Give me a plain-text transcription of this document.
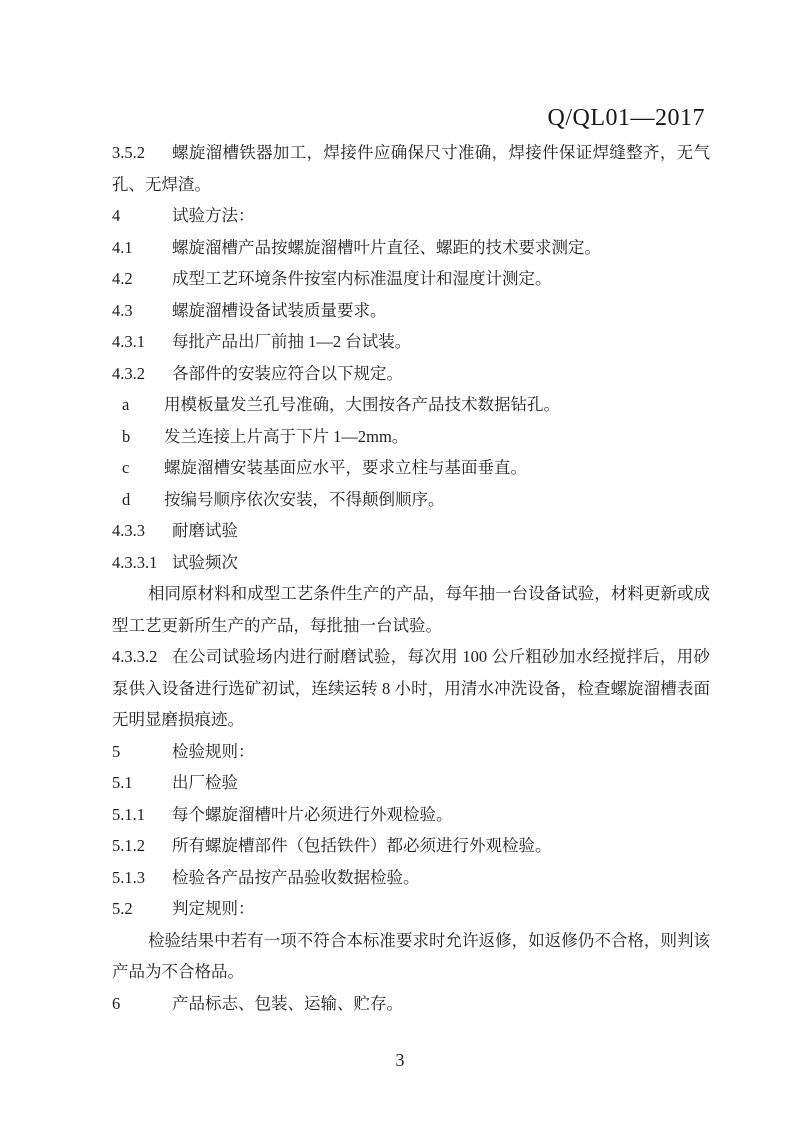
Q/QL01—2017
3.5.2	螺旋溜槽铁器加工，焊接件应确保尺寸准确，焊接件保证焊缝整齐，无气
孔、无焊渣。
4	试验方法：
4.1	螺旋溜槽产品按螺旋溜槽叶片直径、螺距的技术要求测定。
4.2	成型工艺环境条件按室内标准温度计和湿度计测定。
4.3	螺旋溜槽设备试装质量要求。
4.3.1	每批产品出厂前抽 1—2 台试装。
4.3.2	各部件的安装应符合以下规定。
a	用模板量发兰孔号准确，大围按各产品技术数据钻孔。
b	发兰连接上片高于下片 1—2mm。
c	螺旋溜槽安装基面应水平，要求立柱与基面垂直。
d	按编号顺序依次安装，不得颠倒顺序。
4.3.3	耐磨试验
4.3.3.1 试验频次
相同原材料和成型工艺条件生产的产品，每年抽一台设备试验，材料更新或成
型工艺更新所生产的产品，每批抽一台试验。
4.3.3.2 在公司试验场内进行耐磨试验，每次用 100 公斤粗砂加水经搅拌后，用砂
泵供入设备进行选矿初试，连续运转 8 小时，用清水冲洗设备，检查螺旋溜槽表面
无明显磨损痕迹。
5	检验规则：
5.1	出厂检验
5.1.1	每个螺旋溜槽叶片必须进行外观检验。
5.1.2	所有螺旋槽部件（包括铁件）都必须进行外观检验。
5.1.3	检验各产品按产品验收数据检验。
5.2	判定规则：
检验结果中若有一项不符合本标准要求时允许返修，如返修仍不合格，则判该
产品为不合格品。
6	产品标志、包装、运输、贮存。
3
